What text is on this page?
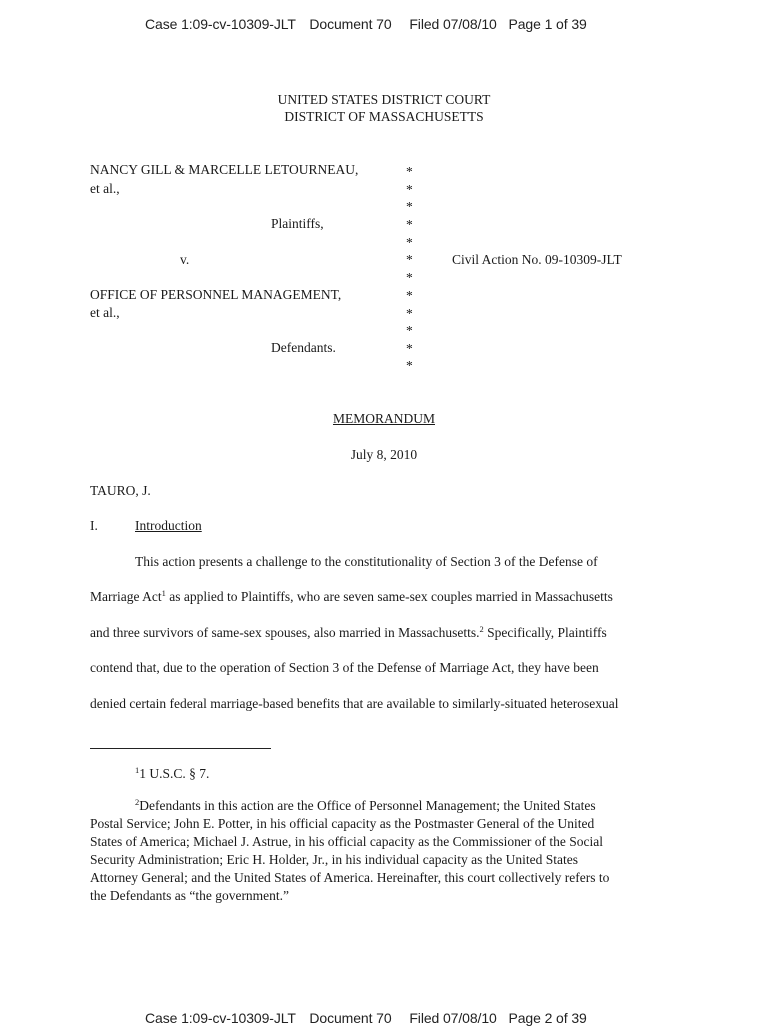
Case 1:09-cv-10309-JLT Document 70 Filed 07/08/10 Page 1 of 39
UNITED STATES DISTRICT COURT
DISTRICT OF MASSACHUSETTS
NANCY GILL & MARCELLE LETOURNEAU,
et al.,
Plaintiffs,
v.	Civil Action No. 09-10309-JLT
OFFICE OF PERSONNEL MANAGEMENT,
et al.,
Defendants.
*
*
*
*
*
*
*
*
*
*
*
*
MEMORANDUM
July 8, 2010
TAURO, J.
I.	Introduction
This action presents a challenge to the constitutionality of Section 3 of the Defense of
Marriage Act$^1$ as applied to Plaintiffs, who are seven same-sex couples married in Massachusetts
and three survivors of same-sex spouses, also married in Massachusetts.$^2$ Specifically, Plaintiffs
contend that, due to the operation of Section 3 of the Defense of Marriage Act, they have been
denied certain federal marriage-based benefits that are available to similarly-situated heterosexual
$^1$1 U.S.C. § 7.
$^2$Defendants in this action are the Office of Personnel Management; the United States
Postal Service; John E. Potter, in his official capacity as the Postmaster General of the United
States of America; Michael J. Astrue, in his official capacity as the Commissioner of the Social
Security Administration; Eric H. Holder, Jr., in his individual capacity as the United States
Attorney General; and the United States of America. Hereinafter, this court collectively refers to
the Defendants as “the government.”
Case 1:09-cv-10309-JLT Document 70 Filed 07/08/10 Page 2 of 39
